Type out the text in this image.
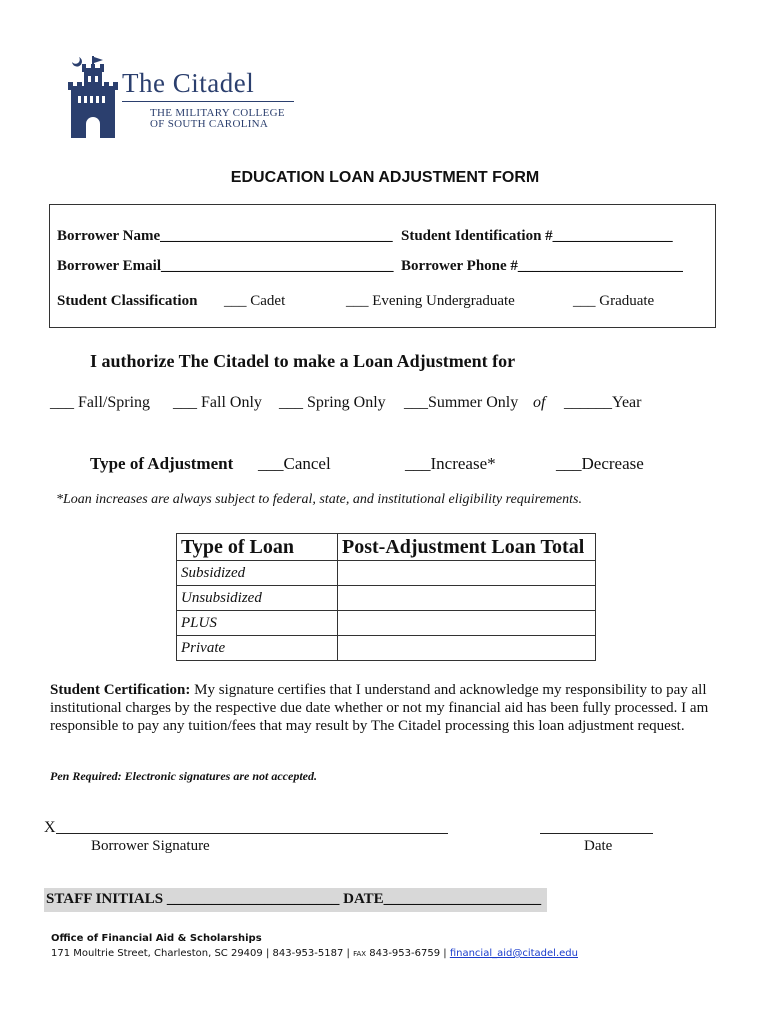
The Citadel
THE MILITARY COLLEGE
OF SOUTH CAROLINA
EDUCATION LOAN ADJUSTMENT FORM
Borrower Name_______________________________ Student Identification #________________
Borrower Email_______________________________ Borrower Phone #______________________
Student Classification ___ Cadet	___ Evening Undergraduate	___ Graduate
I authorize The Citadel to make a Loan Adjustment for
___ Fall/Spring ___ Fall Only ___ Spring Only ___Summer Only of ______Year
Type of Adjustment ___Cancel	___Increase*	___Decrease
*Loan increases are always subject to federal, state, and institutional eligibility requirements.
Type of Loan	Post-Adjustment Loan Total
Subsidized	
Unsubsidized	
PLUS	
Private	
Student Certification: My signature certifies that I understand and acknowledge my responsibility to pay all institutional charges by the respective due date whether or not my financial aid has been fully processed. I am responsible to pay any tuition/fees that may result by The Citadel processing this loan adjustment request.
Pen Required: Electronic signatures are not accepted.
X
Borrower Signature	Date
STAFF INITIALS _______________________ DATE_____________________
Office of Financial Aid & Scholarships
171 Moultrie Street, Charleston, SC 29409 | 843-953-5187 | FAX 843-953-6759 | financial_aid@citadel.edu
